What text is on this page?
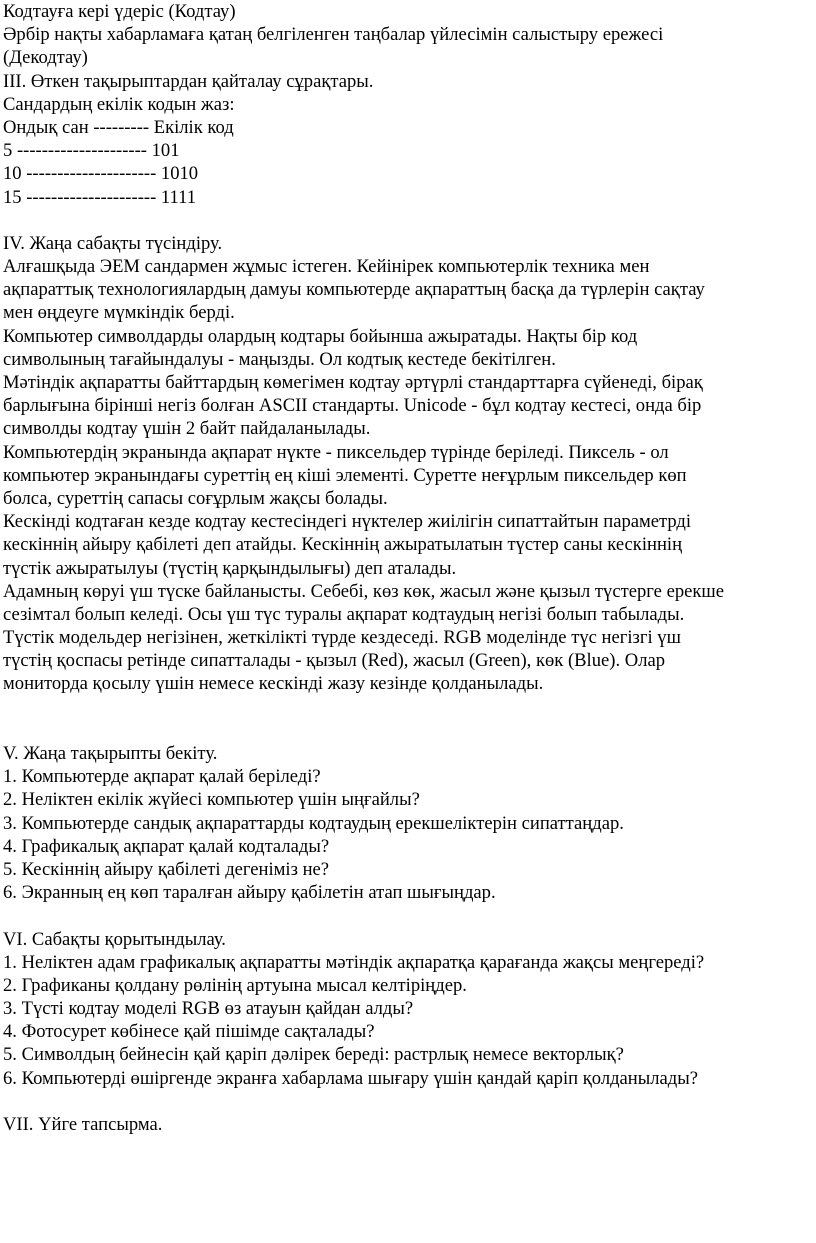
Кодтауға кері үдеріс (Кодтау)
Әрбір нақты хабарламаға қатаң белгіленген таңбалар үйлесімін салыстыру ережесі
(Декодтау)
III. Өткен тақырыптардан қайталау сұрақтары.
Сандардың екілік кодын жаз:
Ондық сан --------- Екілік код
5 --------------------- 101
10 --------------------- 1010
15 --------------------- 1111
IV. Жаңа сабақты түсіндіру.
Алғашқыда ЭЕМ сандармен жұмыс істеген. Кейінірек компьютерлік техника мен
ақпараттық технологиялардың дамуы компьютерде ақпараттың басқа да түрлерін сақтау
мен өңдеуге мүмкіндік берді.
Компьютер символдарды олардың кодтары бойынша ажыратады. Нақты бір код
символының тағайындалуы - маңызды. Ол кодтық кестеде бекітілген.
Мәтіндік ақпаратты байттардың көмегімен кодтау әртүрлі стандарттарға сүйенеді, бірақ
барлығына бірінші негіз болған ASCII стандарты. Unicode - бұл кодтау кестесі, онда бір
символды кодтау үшін 2 байт пайдаланылады.
Компьютердің экранында ақпарат нүкте - пиксельдер түрінде беріледі. Пиксель - ол
компьютер экранындағы суреттің ең кіші элементі. Суретте неғұрлым пиксельдер көп
болса, суреттің сапасы соғұрлым жақсы болады.
Кескінді кодтаған кезде кодтау кестесіндегі нүктелер жиілігін сипаттайтын параметрді
кескіннің айыру қабілеті деп атайды. Кескіннің ажыратылатын түстер саны кескіннің
түстік ажыратылуы (түстің қарқындылығы) деп аталады.
Адамның көруі үш түске байланысты. Себебі, көз көк, жасыл және қызыл түстерге ерекше
сезімтал болып келеді. Осы үш түс туралы ақпарат кодтаудың негізі болып табылады.
Түстік модельдер негізінен, жеткілікті түрде кездеседі. RGB моделінде түс негізгі үш
түстің қоспасы ретінде сипатталады - қызыл (Red), жасыл (Green), көк (Blue). Олар
мониторда қосылу үшін немесе кескінді жазу кезінде қолданылады.
V. Жаңа тақырыпты бекіту.
1. Компьютерде ақпарат қалай беріледі?
2. Неліктен екілік жүйесі компьютер үшін ыңғайлы?
3. Компьютерде сандық ақпараттарды кодтаудың ерекшеліктерін сипаттаңдар.
4. Графикалық ақпарат қалай кодталады?
5. Кескіннің айыру қабілеті дегеніміз не?
6. Экранның ең көп таралған айыру қабілетін атап шығыңдар.
VI. Сабақты қорытындылау.
1. Неліктен адам графикалық ақпаратты мәтіндік ақпаратқа қарағанда жақсы меңгереді?
2. Графиканы қолдану рөлінің артуына мысал келтіріңдер.
3. Түсті кодтау моделі RGB өз атауын қайдан алды?
4. Фотосурет көбінесе қай пішімде сақталады?
5. Символдың бейнесін қай қаріп дәлірек береді: растрлық немесе векторлық?
6. Компьютерді өшіргенде экранға хабарлама шығару үшін қандай қаріп қолданылады?
VII. Үйге тапсырма.
